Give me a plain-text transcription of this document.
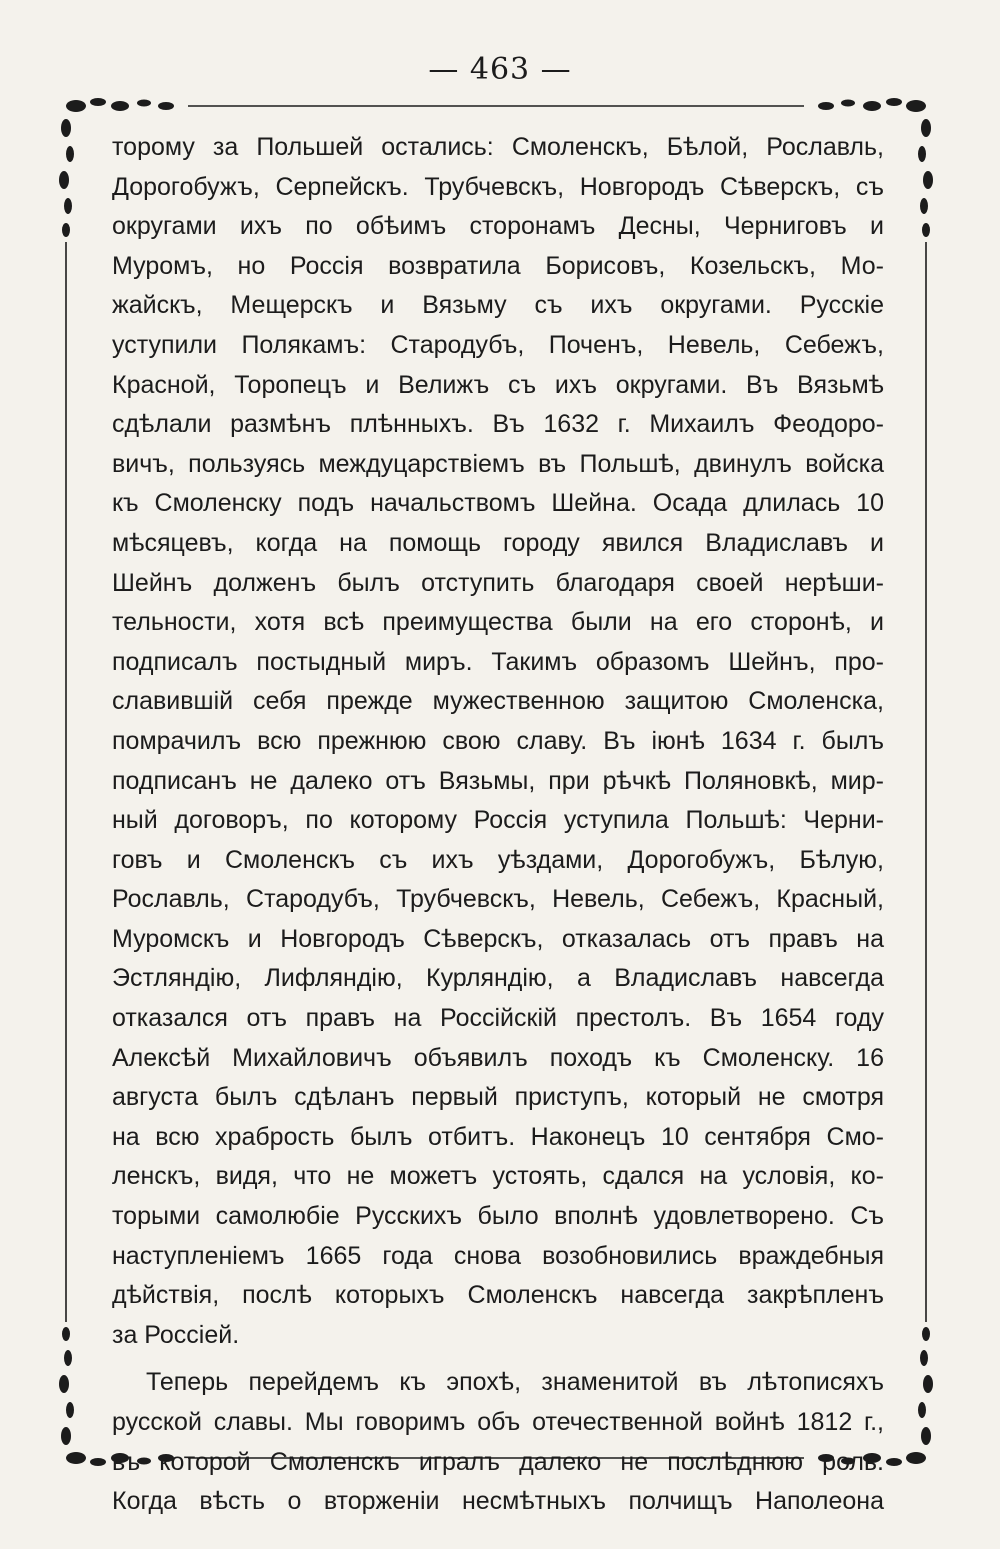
— 463 —
торому за Польшей остались: Смоленскъ, Бѣлой, Рославль,
Дорогобужъ, Серпейскъ. Трубчевскъ, Новгородъ Сѣверскъ, съ
округами ихъ по обѣимъ сторонамъ Десны, Черниговъ и
Муромъ, но Россія возвратила Борисовъ, Козельскъ, Мо-
жайскъ, Мещерскъ и Вязьму съ ихъ округами. Русскіе
уступили Полякамъ: Стародубъ, Поченъ, Невель, Себежъ,
Красной, Торопецъ и Велижъ съ ихъ округами. Въ Вязьмѣ
сдѣлали размѣнъ плѣнныхъ. Въ 1632 г. Михаилъ Феодоро-
вичъ, пользуясь междуцарствіемъ въ Польшѣ, двинулъ войска
къ Смоленску подъ начальствомъ Шейна. Осада длилась 10
мѣсяцевъ, когда на помощь городу явился Владиславъ и
Шейнъ долженъ былъ отступить благодаря своей нерѣши-
тельности, хотя всѣ преимущества были на его сторонѣ, и
подписалъ постыдный миръ. Такимъ образомъ Шейнъ, про-
славившій себя прежде мужественною защитою Смоленска,
помрачилъ всю прежнюю свою славу. Въ іюнѣ 1634 г. былъ
подписанъ не далеко отъ Вязьмы, при рѣчкѣ Поляновкѣ, мир-
ный договоръ, по которому Россія уступила Польшѣ: Черни-
говъ и Смоленскъ съ ихъ уѣздами, Дорогобужъ, Бѣлую,
Рославль, Стародубъ, Трубчевскъ, Невель, Себежъ, Красный,
Муромскъ и Новгородъ Сѣверскъ, отказалась отъ правъ на
Эстляндію, Лифляндію, Курляндію, а Владиславъ навсегда
отказался отъ правъ на Россійскій престолъ. Въ 1654 году
Алексѣй Михайловичъ объявилъ походъ къ Смоленску. 16
августа былъ сдѣланъ первый приступъ, который не смотря
на всю храбрость былъ отбитъ. Наконецъ 10 сентября Смо-
ленскъ, видя, что не можетъ устоять, сдался на условія, ко-
торыми самолюбіе Русскихъ было вполнѣ удовлетворено. Съ
наступленіемъ 1665 года снова возобновились враждебныя
дѣйствія, послѣ которыхъ Смоленскъ навсегда закрѣпленъ
за Россіей.
Теперь перейдемъ къ эпохѣ, знаменитой въ лѣтописяхъ
русской славы. Мы говоримъ объ отечественной войнѣ 1812 г.,
въ которой Смоленскъ игралъ далеко не послѣднюю роль.
Когда вѣсть о вторженіи несмѣтныхъ полчищъ Наполеона
